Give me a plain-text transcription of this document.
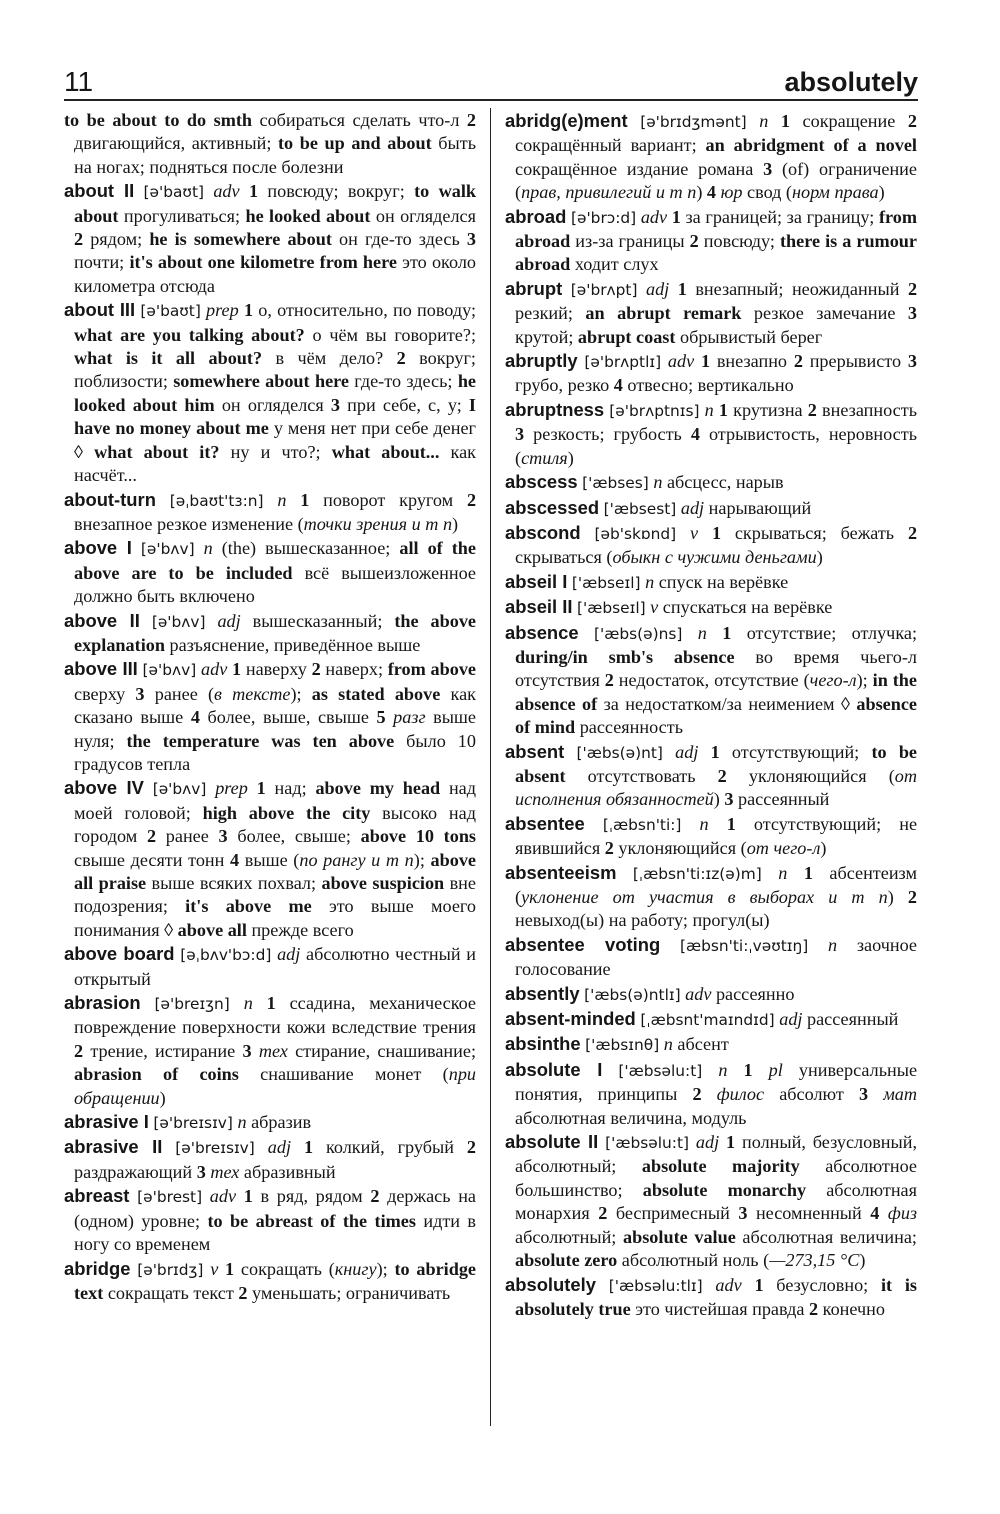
11	absolutely

to be about to do smth собираться сделать что-л 2 двигающийся, активный; to be up and about быть на ногах; подняться после болезни

about II [ə'baʊt] adv 1 повсюду; вокруг; to walk about прогуливаться; he looked about он огляделся 2 рядом; he is somewhere about он где-то здесь 3 почти; it's about one kilometre from here это около километра отсюда

about III [ə'baʊt] prep 1 о, относительно, по поводу; what are you talking about? о чём вы говорите?; what is it all about? в чём дело? 2 вокруг; поблизости; somewhere about here где-то здесь; he looked about him он огляделся 3 при себе, с, у; I have no money about me у меня нет при себе денег ◊ what about it? ну и что?; what about... как насчёт...

about-turn [əˌbaʊt'tɜ:n] n 1 поворот кругом 2 внезапное резкое изменение (точки зрения и т п)

above I [ə'bʌv] n (the) вышесказанное; all of the above are to be included всё вышеизложенное должно быть включено

above II [ə'bʌv] adj вышесказанный; the above explanation разъяснение, приведённое выше

above III [ə'bʌv] adv 1 наверху 2 наверх; from above сверху 3 ранее (в тексте); as stated above как сказано выше 4 более, выше, свыше 5 разг выше нуля; the temperature was ten above было 10 градусов тепла

above IV [ə'bʌv] prep 1 над; above my head над моей головой; high above the city высоко над городом 2 ранее 3 более, свыше; above 10 tons свыше десяти тонн 4 выше (по рангу и т п); above all praise выше всяких похвал; above suspicion вне подозрения; it's above me это выше моего понимания ◊ above all прежде всего

above board [əˌbʌv'bɔ:d] adj абсолютно честный и открытый

abrasion [ə'breɪʒn] n 1 ссадина, механическое повреждение поверхности кожи вследствие трения 2 трение, истирание 3 тех стирание, снашивание; abrasion of coins снашивание монет (при обращении)

abrasive I [ə'breɪsɪv] n абразив

abrasive II [ə'breɪsɪv] adj 1 колкий, грубый 2 раздражающий 3 тех абразивный

abreast [ə'brest] adv 1 в ряд, рядом 2 держась на (одном) уровне; to be abreast of the times идти в ногу со временем

abridge [ə'brɪdʒ] v 1 сокращать (книгу); to abridge text сокращать текст 2 уменьшать; ограничивать

abridg(e)ment [ə'brɪdʒmənt] n 1 сокращение 2 сокращённый вариант; an abridgment of a novel сокращённое издание романа 3 (of) ограничение (прав, привилегий и т п) 4 юр свод (норм права)

abroad [ə'brɔ:d] adv 1 за границей; за границу; from abroad из-за границы 2 повсюду; there is a rumour abroad ходит слух

abrupt [ə'brʌpt] adj 1 внезапный; неожиданный 2 резкий; an abrupt remark резкое замечание 3 крутой; abrupt coast обрывистый берег

abruptly [ə'brʌptlɪ] adv 1 внезапно 2 прерывисто 3 грубо, резко 4 отвесно; вертикально

abruptness [ə'brʌptnɪs] n 1 крутизна 2 внезапность 3 резкость; грубость 4 отрывистость, неровность (стиля)

abscess ['æbses] n абсцесс, нарыв

abscessed ['æbsest] adj нарывающий

abscond [əb'skɒnd] v 1 скрываться; бежать 2 скрываться (обыкн с чужими деньгами)

abseil I ['æbseɪl] n спуск на верёвке

abseil II ['æbseɪl] v спускаться на верёвке

absence ['æbs(ə)ns] n 1 отсутствие; отлучка; during/in smb's absence во время чьего-л отсутствия 2 недостаток, отсутствие (чего-л); in the absence of за недостатком/за неимением ◊ absence of mind рассеянность

absent ['æbs(ə)nt] adj 1 отсутствующий; to be absent отсутствовать 2 уклоняющийся (от исполнения обязанностей) 3 рассеянный

absentee [ˌæbsn'ti:] n 1 отсутствующий; не явившийся 2 уклоняющийся (от чего-л)

absenteeism [ˌæbsn'ti:ɪz(ə)m] n 1 абсентеизм (уклонение от участия в выборах и т п) 2 невыход(ы) на работу; прогул(ы)

absentee voting [æbsn'ti:ˌvəʊtɪŋ] n заочное голосование

absently ['æbs(ə)ntlɪ] adv рассеянно

absent-minded [ˌæbsnt'maɪndɪd] adj рассеянный

absinthe ['æbsɪnθ] n абсент

absolute I ['æbsəlu:t] n 1 pl универсальные понятия, принципы 2 филос абсолют 3 мат абсолютная величина, модуль

absolute II ['æbsəlu:t] adj 1 полный, безусловный, абсолютный; absolute majority абсолютное большинство; absolute monarchy абсолютная монархия 2 беспримесный 3 несомненный 4 физ абсолютный; absolute value абсолютная величина; absolute zero абсолютный ноль (—273,15 °C)

absolutely ['æbsəlu:tlɪ] adv 1 безусловно; it is absolutely true это чистейшая правда 2 конечно
